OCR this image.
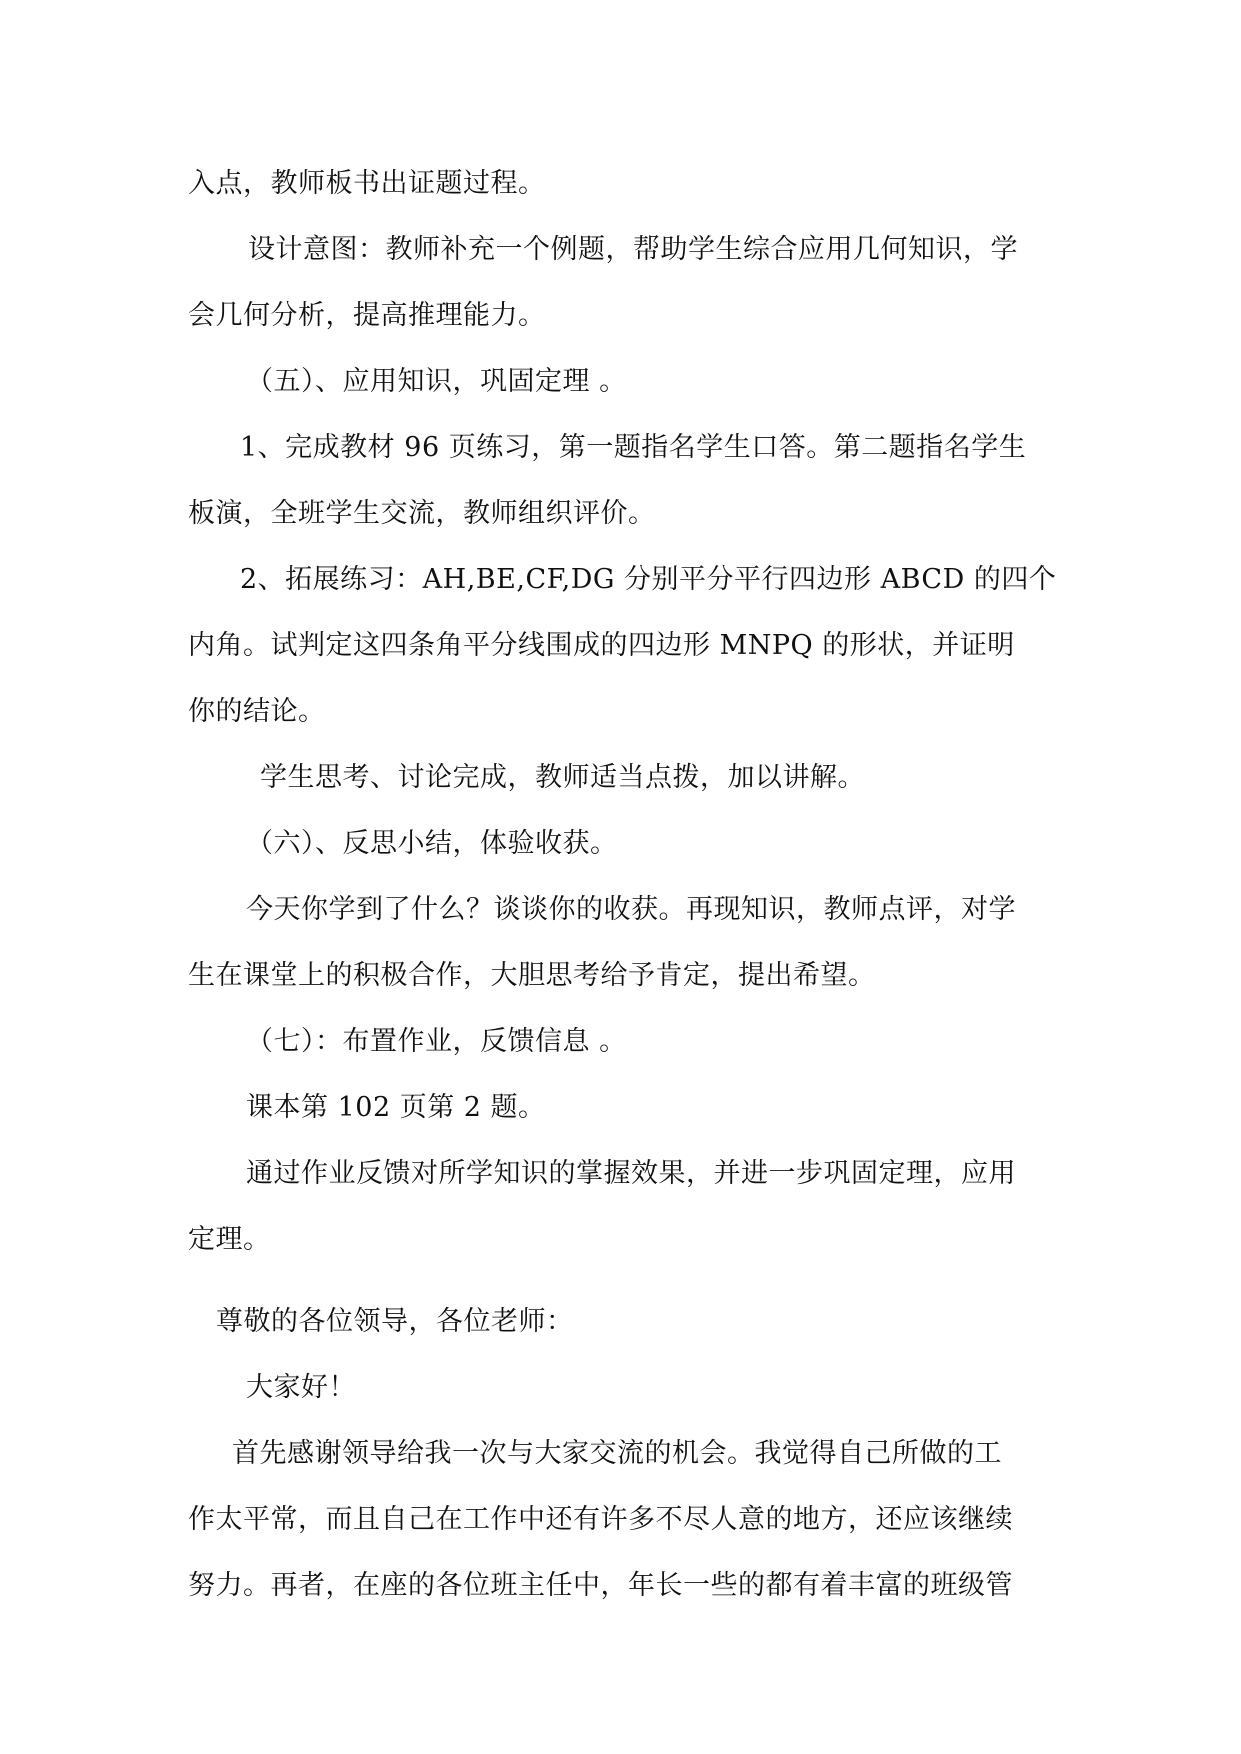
入点，教师板书出证题过程。
设计意图：教师补充一个例题，帮助学生综合应用几何知识，学
会几何分析，提高推理能力。
（五）、应用知识，巩固定理 。
1、完成教材 96 页练习，第一题指名学生口答。第二题指名学生
板演，全班学生交流，教师组织评价。
2、拓展练习：AH,BE,CF,DG 分别平分平行四边形 ABCD 的四个
内角。试判定这四条角平分线围成的四边形 MNPQ 的形状，并证明
你的结论。
学生思考、讨论完成，教师适当点拨，加以讲解。
（六）、反思小结，体验收获。
今天你学到了什么？谈谈你的收获。再现知识，教师点评，对学
生在课堂上的积极合作，大胆思考给予肯定，提出希望。
（七）：布置作业，反馈信息 。
课本第 102 页第 2 题。
通过作业反馈对所学知识的掌握效果，并进一步巩固定理，应用
定理。
尊敬的各位领导，各位老师：
大家好！
首先感谢领导给我一次与大家交流的机会。我觉得自己所做的工
作太平常，而且自己在工作中还有许多不尽人意的地方，还应该继续
努力。再者，在座的各位班主任中，年长一些的都有着丰富的班级管
